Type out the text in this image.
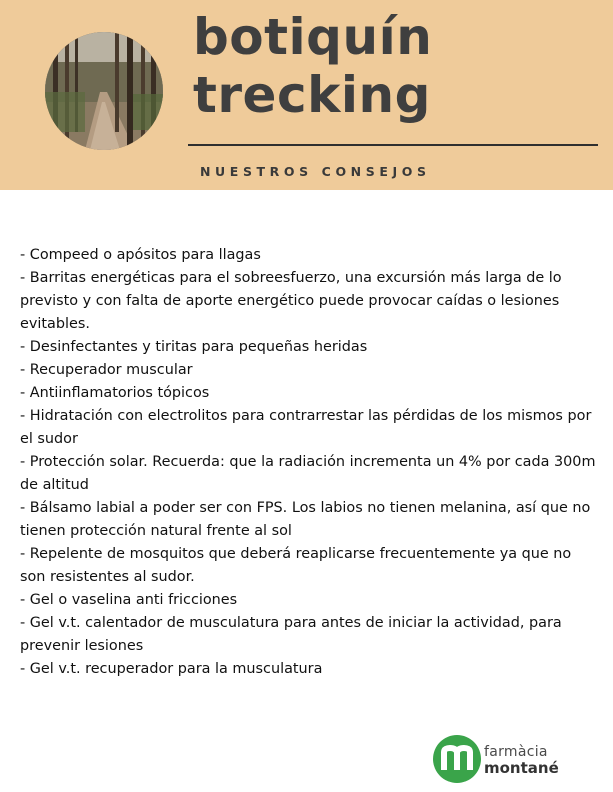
botiquín
trecking
NUESTROS CONSEJOS
- Compeed o apósitos para llagas
- Barritas energéticas para el sobreesfuerzo, una excursión más larga de lo previsto y con falta de aporte energético puede provocar caídas o lesiones evitables.
- Desinfectantes y tiritas para pequeñas heridas
- Recuperador muscular
- Antiinflamatorios tópicos
- Hidratación con electrolitos para contrarrestar las pérdidas de los mismos por el sudor
- Protección solar. Recuerda: que la radiación incrementa un 4% por cada 300m de altitud
- Bálsamo labial a poder ser con FPS. Los labios no tienen melanina, así que no tienen protección natural frente al sol
- Repelente de mosquitos que deberá reaplicarse frecuentemente ya que no son resistentes al sudor.
- Gel o vaselina anti fricciones
- Gel v.t. calentador de musculatura para antes de iniciar la actividad, para prevenir lesiones
- Gel v.t. recuperador para la musculatura
farmàcia
montané
